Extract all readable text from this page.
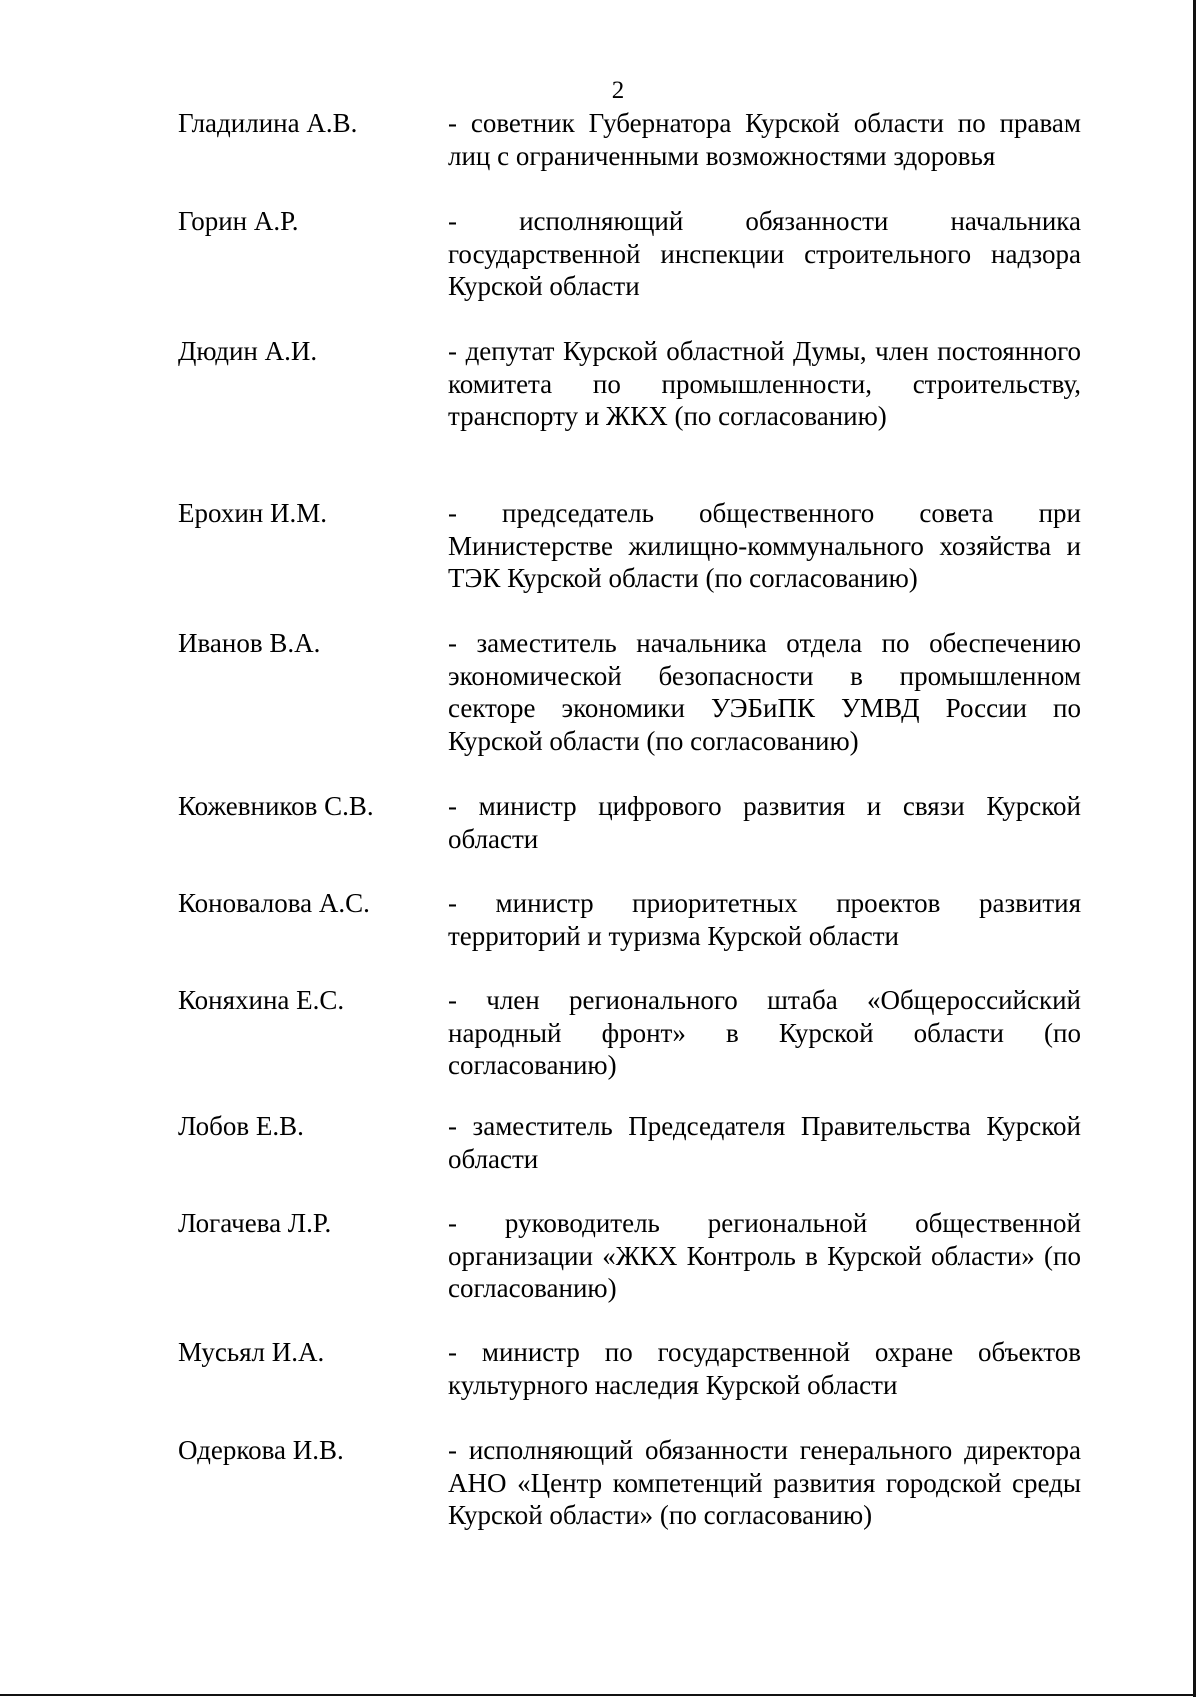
2
Гладилина А.В.	- советник Губернатора Курской области по правам лиц с ограниченными возможностями здоровья
Горин А.Р.	- исполняющий обязанности начальника государственной инспекции строительного надзора Курской области
Дюдин А.И.	- депутат Курской областной Думы, член постоянного комитета по промышленности, строительству, транспорту и ЖКХ (по согласованию)
Ерохин И.М.	- председатель общественного совета при Министерстве жилищно-коммунального хозяйства и ТЭК Курской области (по согласованию)
Иванов В.А.	- заместитель начальника отдела по обеспечению экономической безопасности в промышленном секторе экономики УЭБиПК УМВД России по Курской области (по согласованию)
Кожевников С.В.	- министр цифрового развития и связи Курской области
Коновалова А.С.	- министр приоритетных проектов развития территорий и туризма Курской области
Коняхина Е.С.	- член регионального штаба «Общероссийский народный фронт» в Курской области (по согласованию)
Лобов Е.В.	- заместитель Председателя Правительства Курской области
Логачева Л.Р.	- руководитель региональной общественной организации «ЖКХ Контроль в Курской области» (по согласованию)
Мусьял И.А.	- министр по государственной охране объектов культурного наследия Курской области
Одеркова И.В.	- исполняющий обязанности генерального директора АНО «Центр компетенций развития городской среды Курской области» (по согласованию)
